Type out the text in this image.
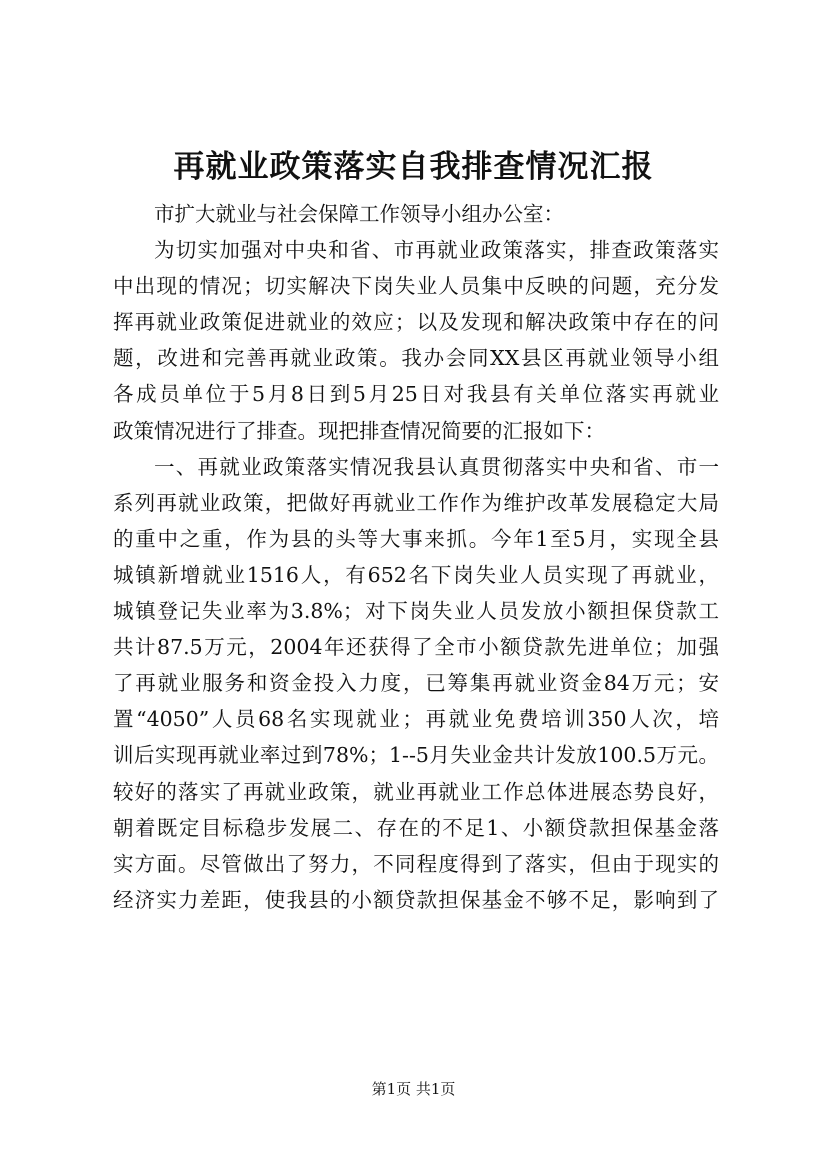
再就业政策落实自我排查情况汇报
市扩大就业与社会保障工作领导小组办公室：
为切实加强对中央和省、市再就业政策落实，排查政策落实
中出现的情况；切实解决下岗失业人员集中反映的问题，充分发
挥再就业政策促进就业的效应；以及发现和解决政策中存在的问
题，改进和完善再就业政策。我办会同XX县区再就业领导小组
各成员单位于5月8日到5月25日对我县有关单位落实再就业
政策情况进行了排查。现把排查情况简要的汇报如下：
一、再就业政策落实情况我县认真贯彻落实中央和省、市一
系列再就业政策，把做好再就业工作作为维护改革发展稳定大局
的重中之重，作为县的头等大事来抓。今年1至5月，实现全县
城镇新增就业1516人，有652名下岗失业人员实现了再就业，
城镇登记失业率为3.8%；对下岗失业人员发放小额担保贷款工
共计87.5万元，2004年还获得了全市小额贷款先进单位；加强
了再就业服务和资金投入力度，已筹集再就业资金84万元；安
置“4050”人员68名实现就业；再就业免费培训350人次，培
训后实现再就业率过到78%；1--5月失业金共计发放100.5万元。
较好的落实了再就业政策，就业再就业工作总体进展态势良好，
朝着既定目标稳步发展二、存在的不足1、小额贷款担保基金落
实方面。尽管做出了努力，不同程度得到了落实，但由于现实的
经济实力差距，使我县的小额贷款担保基金不够不足，影响到了
第1页 共1页
